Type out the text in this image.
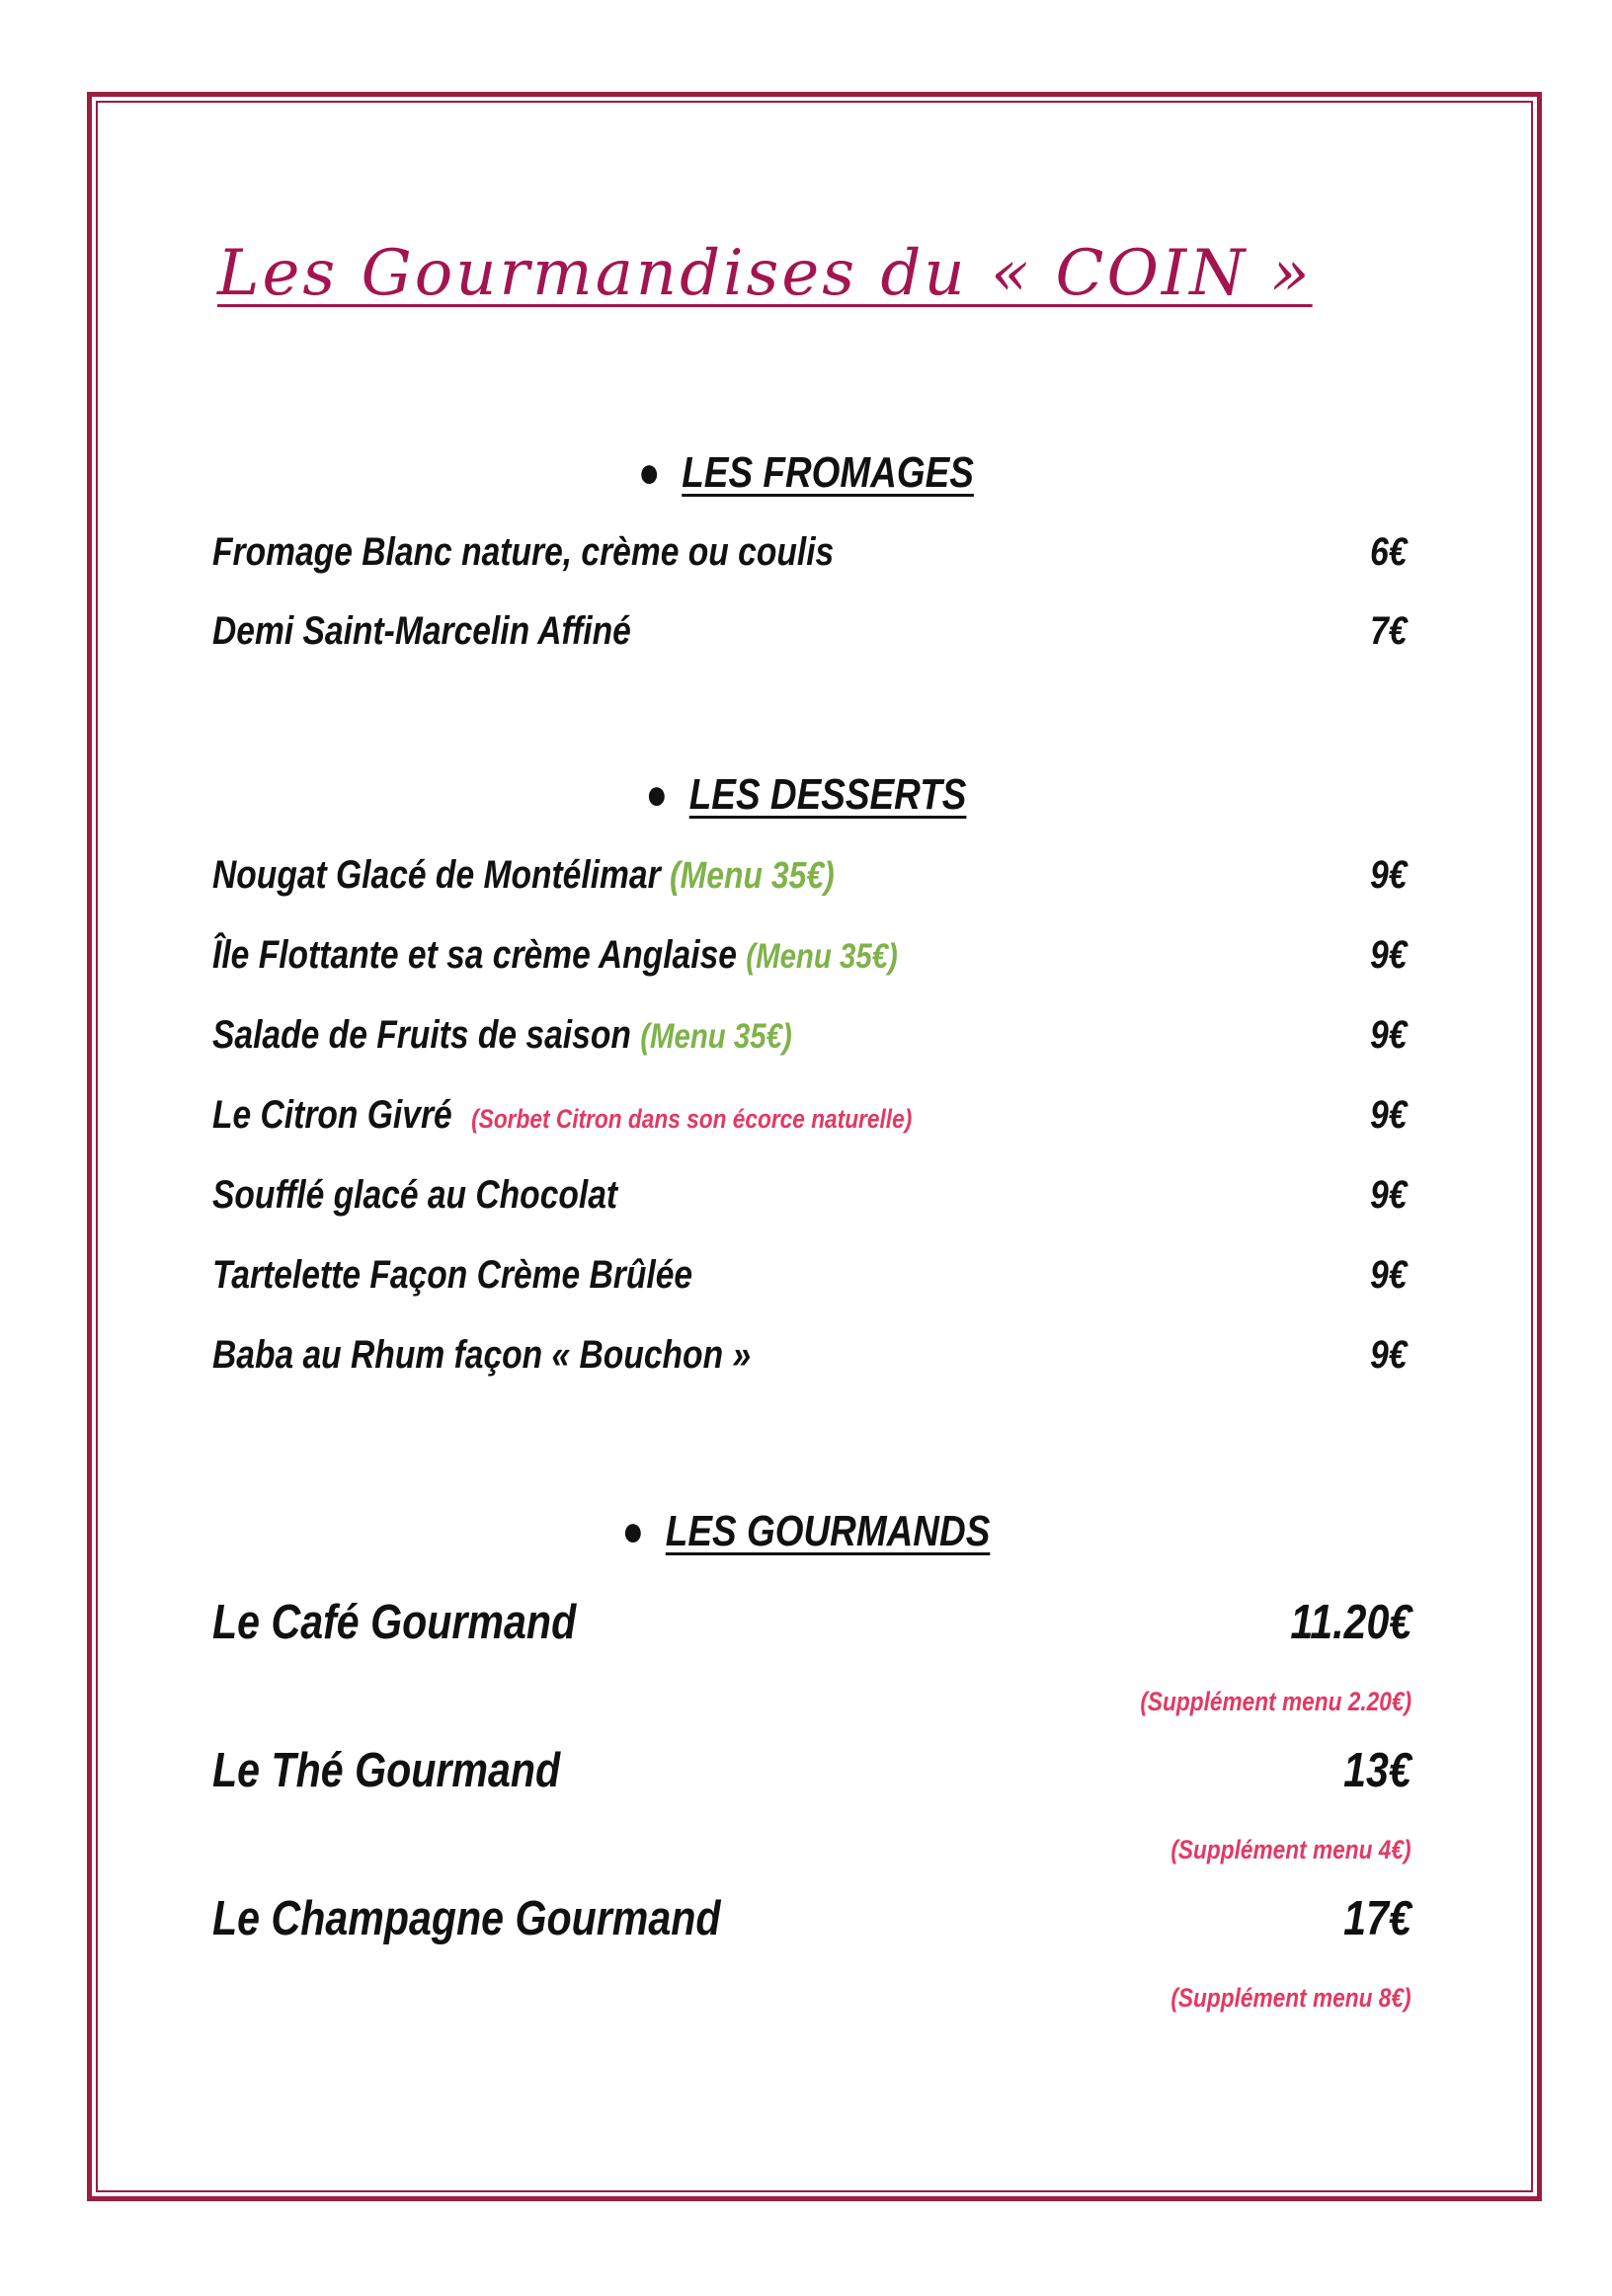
Les Gourmandises du « COIN »
● LES FROMAGES
Fromage Blanc nature, crème ou coulis	6€
Demi Saint-Marcelin Affiné	7€
● LES DESSERTS
Nougat Glacé de Montélimar (Menu 35€)	9€
Île Flottante et sa crème Anglaise (Menu 35€)	9€
Salade de Fruits de saison (Menu 35€)	9€
Le Citron Givré (Sorbet Citron dans son écorce naturelle)	9€
Soufflé glacé au Chocolat	9€
Tartelette Façon Crème Brûlée	9€
Baba au Rhum façon « Bouchon »	9€
● LES GOURMANDS
Le Café Gourmand	11.20€
(Supplément menu 2.20€)
Le Thé Gourmand	13€
(Supplément menu 4€)
Le Champagne Gourmand	17€
(Supplément menu 8€)
